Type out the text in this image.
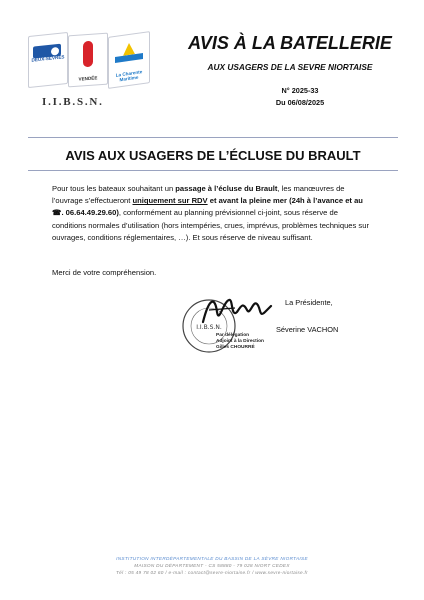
DEUX-SÈVRES
VENDÉE
La Charente Maritime
I.I.B.S.N.
AVIS À LA BATELLERIE
AUX USAGERS DE LA SEVRE NIORTAISE
N° 2025-33
Du 06/08/2025
AVIS AUX USAGERS DE L’ÉCLUSE DU BRAULT
Pour tous les bateaux souhaitant un passage à l’écluse du Brault, les manœuvres de l’ouvrage s’effectueront uniquement sur RDV et avant la pleine mer (24h à l’avance et au ☎. 06.64.49.29.60), conformément au planning prévisionnel ci-joint, sous réserve de conditions normales d’utilisation (hors intempéries, crues, imprévus, problèmes techniques sur ouvrages, conditions réglementaires, …). Et sous réserve de niveau suffisant.
Merci de votre compréhension.
I.I.B.S.N.
Par délégation
Adjoint à la Direction
Gilles CHOURRÉ
La Présidente,
Séverine VACHON
INSTITUTION INTERDÉPARTEMENTALE DU BASSIN DE LA SÈVRE NIORTAISE
MAISON DU DÉPARTEMENT - CS 58880 - 79 028 NIORT CEDEX
Tél : 05 49 78 02 60 / e-mail : contact@sevre-niortaise.fr / www.sevre-niortaise.fr
